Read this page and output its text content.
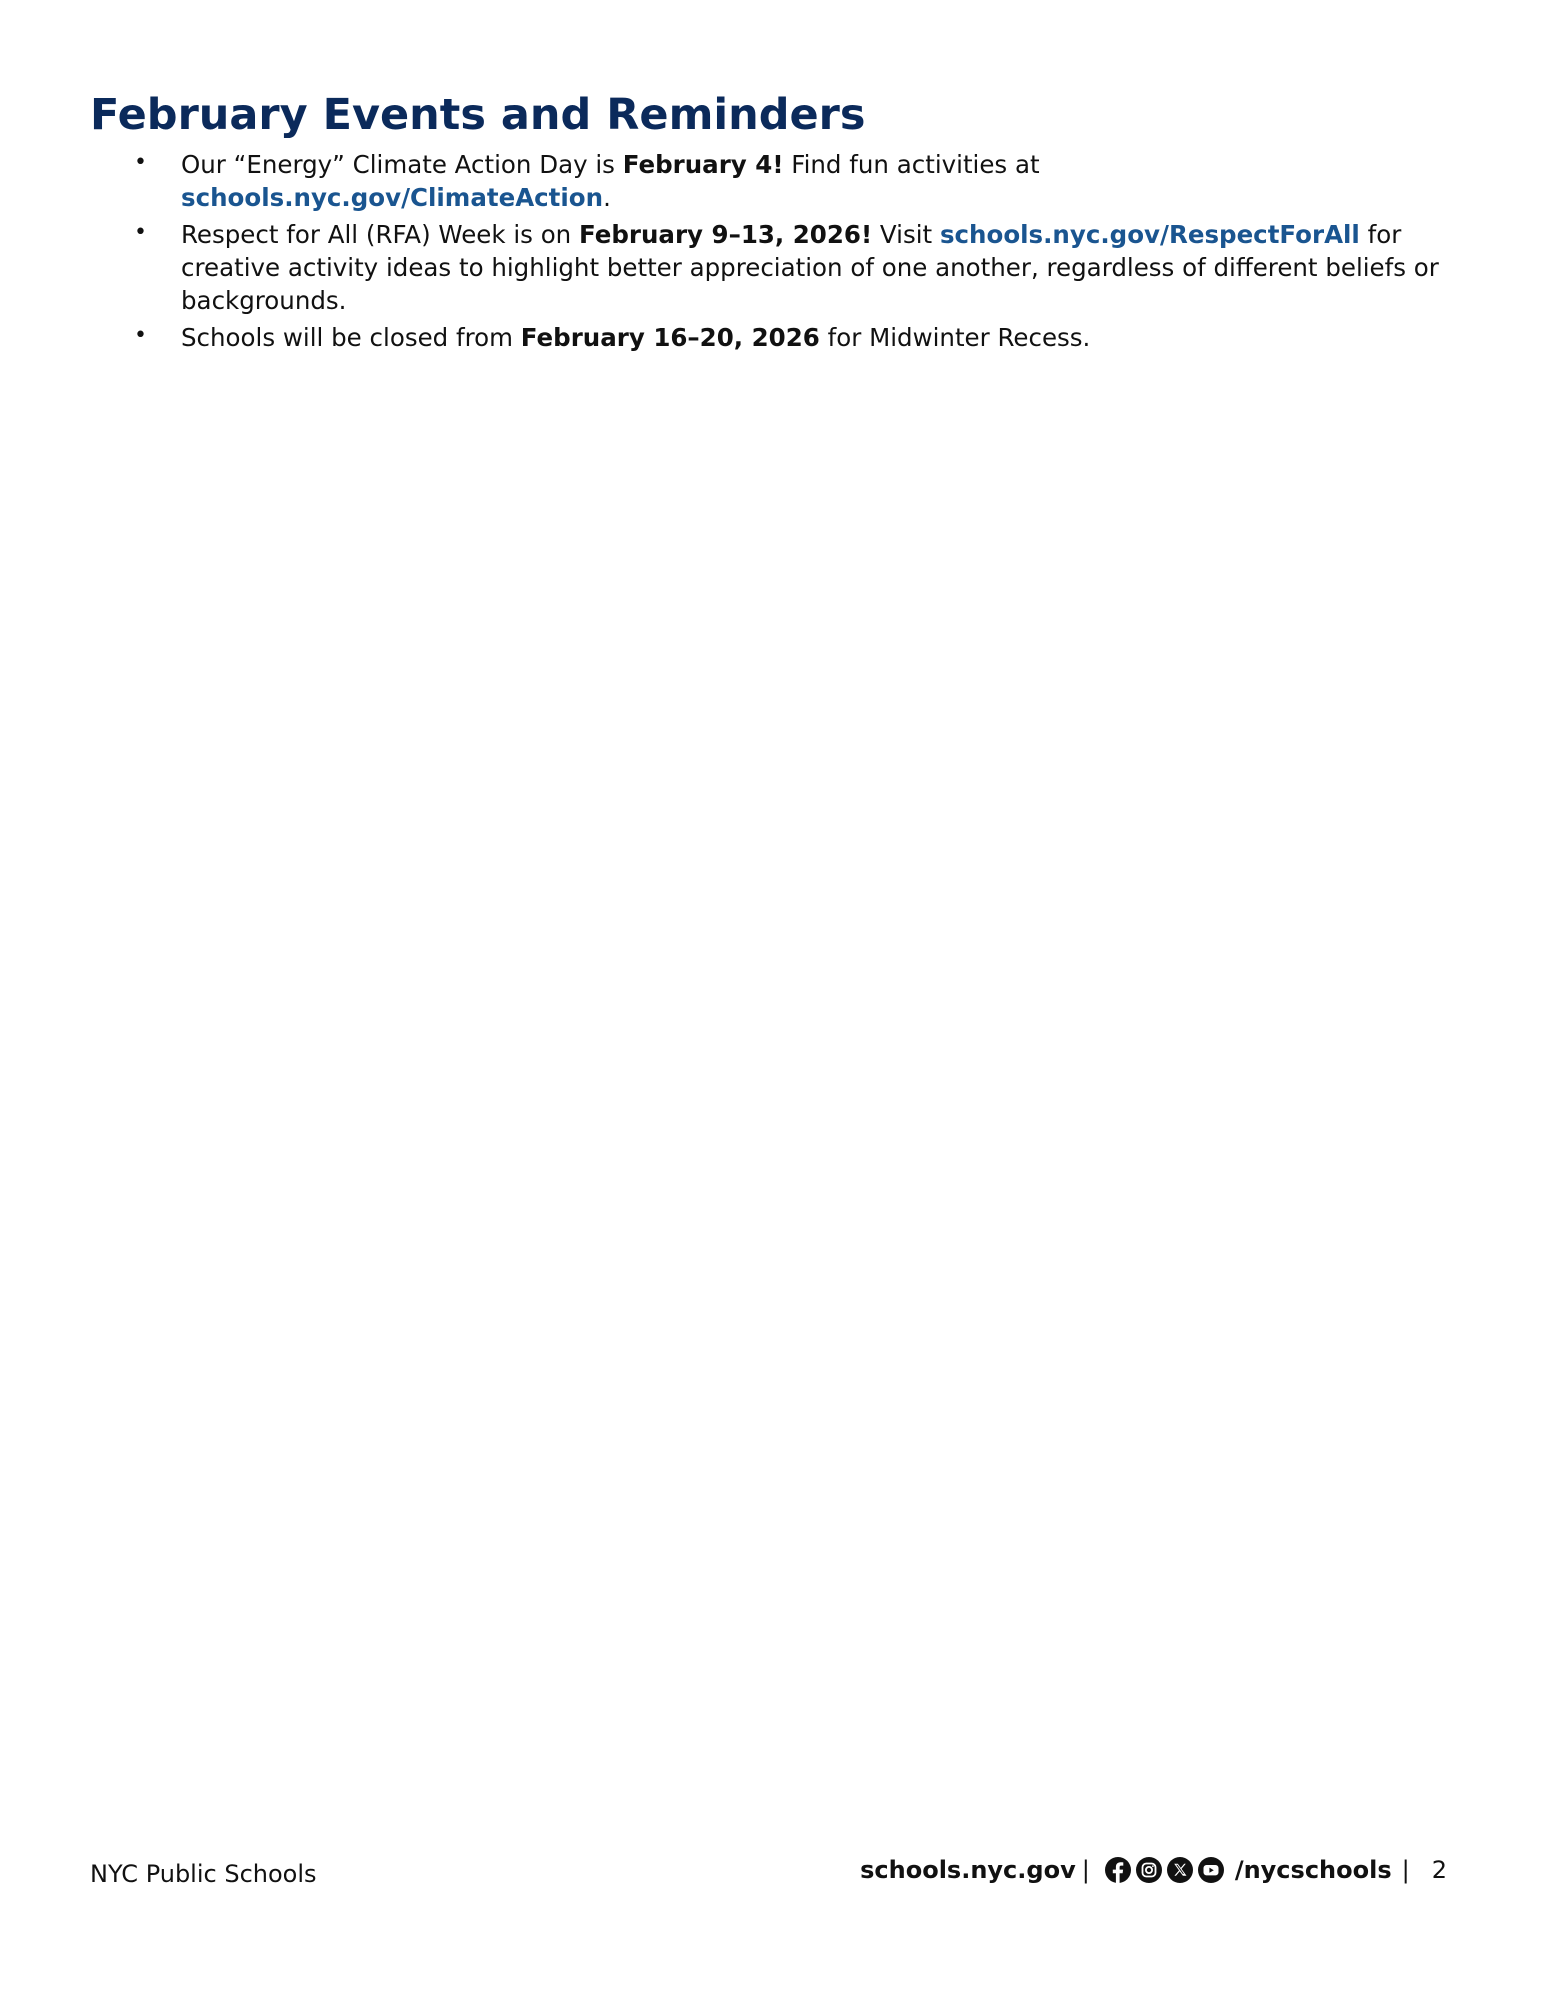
February Events and Reminders
• Our “Energy” Climate Action Day is February 4! Find fun activities at schools.nyc.gov/ClimateAction.
• Respect for All (RFA) Week is on February 9–13, 2026! Visit schools.nyc.gov/RespectForAll for creative activity ideas to highlight better appreciation of one another, regardless of different beliefs or backgrounds.
• Schools will be closed from February 16–20, 2026 for Midwinter Recess.
NYC Public Schools	schools.nyc.gov |	/nycschools | 2
